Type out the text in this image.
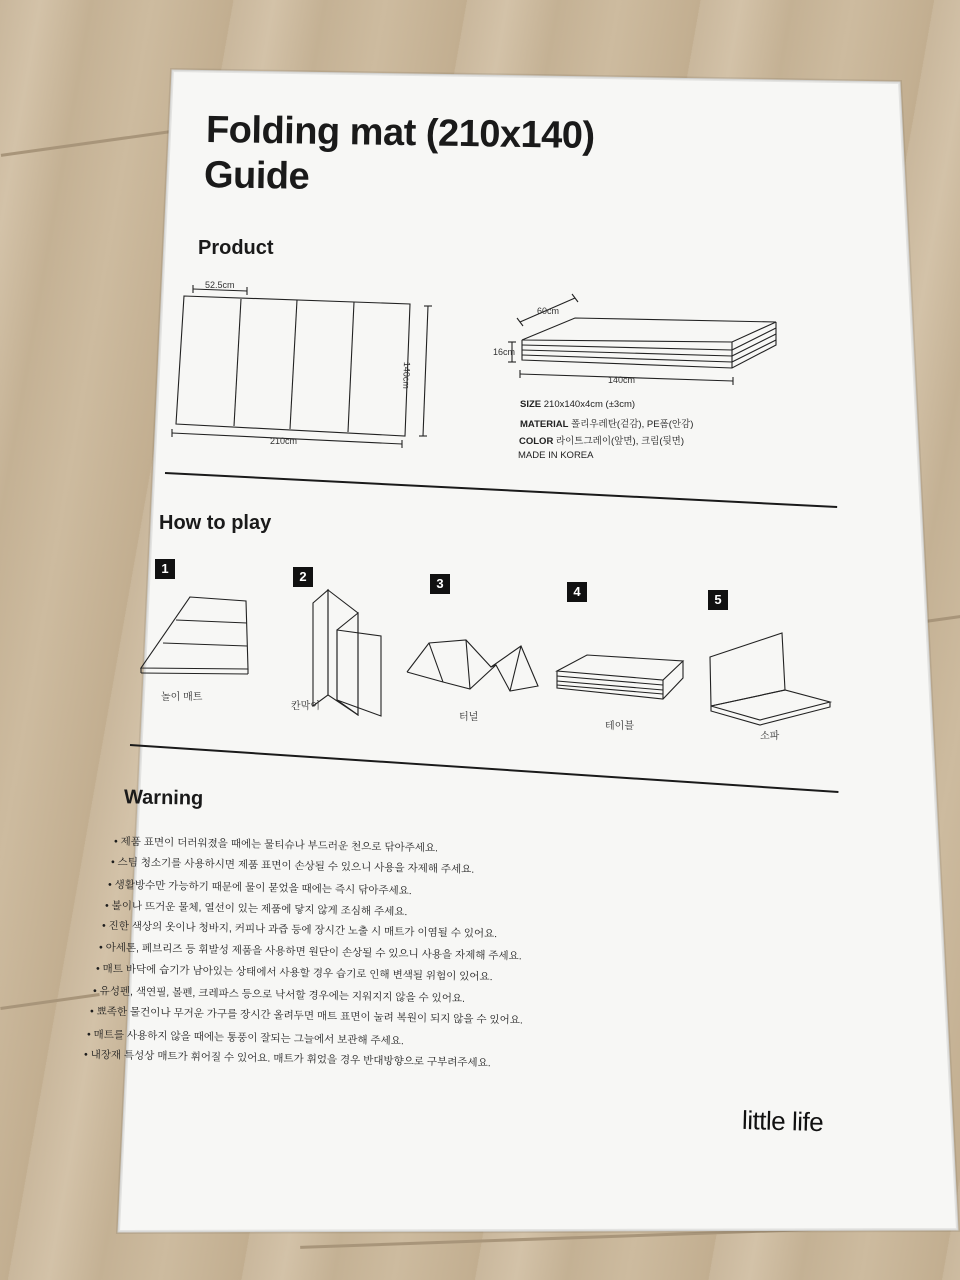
Folding mat (210x140)
Guide
Product
52.5cm
210cm
140cm
60cm
16cm
140cm
SIZE 210x140x4cm (±3cm)
MATERIAL 폴리우레탄(겉감), PE폼(안감)
COLOR 라이트그레이(앞면), 크림(뒷면)
MADE IN KOREA
How to play
1
2	3
4
5
놀이 매트
칸막이
터널
테이블
소파
Warning
• 제품 표면이 더러워졌을 때에는 물티슈나 부드러운 천으로 닦아주세요.
• 스팀 청소기를 사용하시면 제품 표면이 손상될 수 있으니 사용을 자제해 주세요.
• 생활방수만 가능하기 때문에 물이 묻었을 때에는 즉시 닦아주세요.
• 불이나 뜨거운 물체, 열선이 있는 제품에 닿지 않게 조심해 주세요.
• 진한 색상의 옷이나 청바지, 커피나 과즙 등에 장시간 노출 시 매트가 이염될 수 있어요.
• 아세톤, 페브리즈 등 휘발성 제품을 사용하면 원단이 손상될 수 있으니 사용을 자제해 주세요.
• 매트 바닥에 습기가 남아있는 상태에서 사용할 경우 습기로 인해 변색될 위험이 있어요.
• 유성펜, 색연필, 볼펜, 크레파스 등으로 낙서할 경우에는 지워지지 않을 수 있어요.
• 뾰족한 물건이나 무거운 가구를 장시간 올려두면 매트 표면이 눌려 복원이 되지 않을 수 있어요.
• 매트를 사용하지 않을 때에는 통풍이 잘되는 그늘에서 보관해 주세요.
• 내장재 특성상 매트가 휘어질 수 있어요. 매트가 휘었을 경우 반대방향으로 구부려주세요.
little life
